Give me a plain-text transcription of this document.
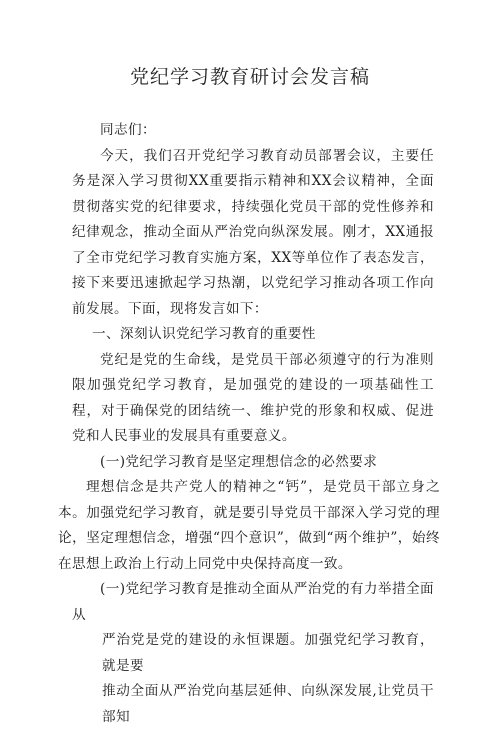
党纪学习教育研讨会发言稿

同志们：

今天，我们召开党纪学习教育动员部署会议，主要任务是深入学习贯彻XX重要指示精神和XX会议精神，全面贯彻落实党的纪律要求，持续强化党员干部的党性修养和纪律观念，推动全面从严治党向纵深发展。刚才，XX通报了全市党纪学习教育实施方案，XX等单位作了表态发言，接下来要迅速掀起学习热潮，以党纪学习推动各项工作向前发展。下面，现将发言如下：

一、深刻认识党纪学习教育的重要性

党纪是党的生命线，是党员干部必须遵守的行为准则限加强党纪学习教育，是加强党的建设的一项基础性工程，对于确保党的团结统一、维护党的形象和权威、促进党和人民事业的发展具有重要意义。

(一)党纪学习教育是坚定理想信念的必然要求

理想信念是共产党人的精神之“钙”，是党员干部立身之本。加强党纪学习教育，就是要引导党员干部深入学习党的理论，坚定理想信念，增强“四个意识”，做到“两个维护”，始终在思想上政治上行动上同党中央保持高度一致。

(一)党纪学习教育是推动全面从严治党的有力举措全面从

严治党是党的建设的永恒课题。加强党纪学习教育，就是要

推动全面从严治党向基层延伸、向纵深发展,让党员干部知
